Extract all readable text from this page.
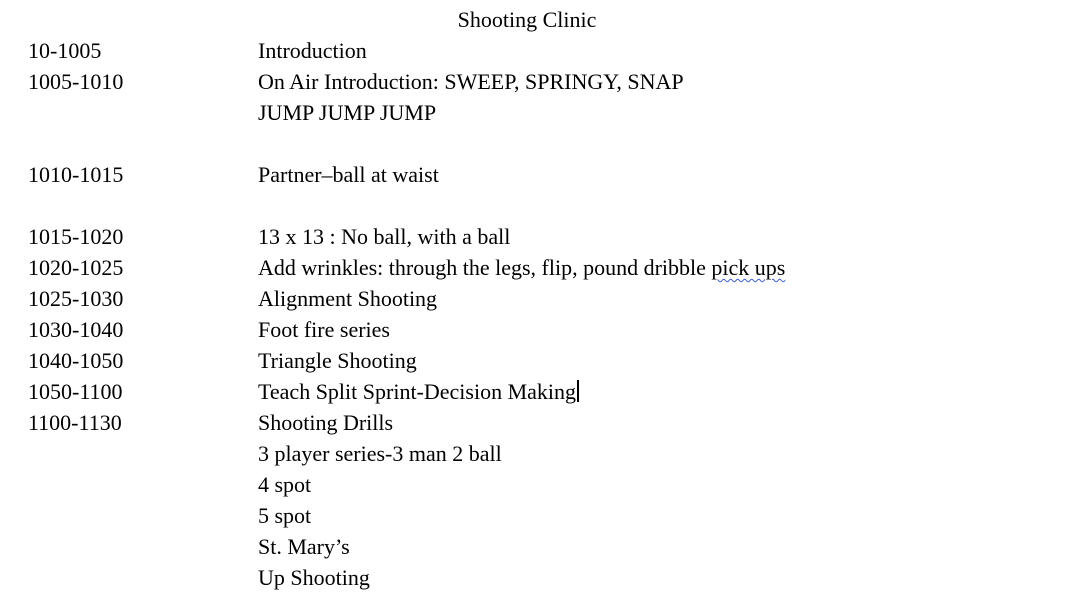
Shooting Clinic
10-1005	Introduction
1005-1010	On Air Introduction: SWEEP, SPRINGY, SNAP
JUMP JUMP JUMP
1010-1015	Partner–ball at waist
1015-1020	13 x 13 : No ball, with a ball
1020-1025	Add wrinkles: through the legs, flip, pound dribble pick ups
1025-1030	Alignment Shooting
1030-1040	Foot fire series
1040-1050	Triangle Shooting
1050-1100	Teach Split Sprint-Decision Making
1100-1130	Shooting Drills
3 player series-3 man 2 ball
4 spot
5 spot
St. Mary’s
Up Shooting
